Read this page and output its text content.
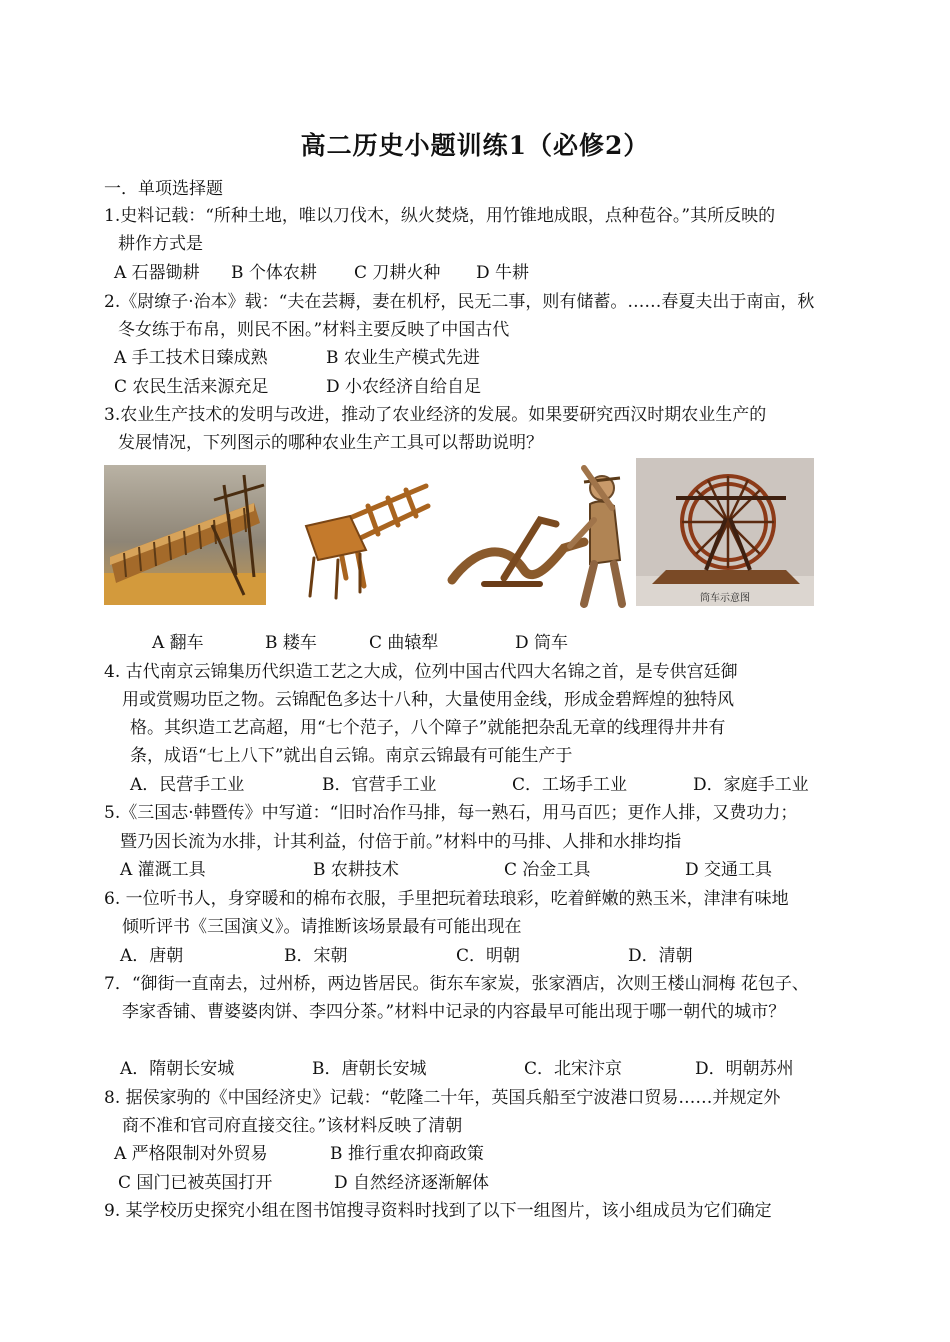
高二历史小题训练1（必修2）
一．单项选择题
1.史料记载：“所种土地，唯以刀伐木，纵火焚烧，用竹锥地成眼，点种苞谷。”其所反映的
耕作方式是
A 石器锄耕 B 个体农耕 C 刀耕火种 D 牛耕
2.《尉缭子·治本》载：“夫在芸耨，妻在机杼，民无二事，则有储蓄。……春夏夫出于南亩，秋
冬女练于布帛，则民不困。”材料主要反映了中国古代
A 手工技术日臻成熟	B 农业生产模式先进
C 农民生活来源充足	D 小农经济自给自足
3.农业生产技术的发明与改进，推动了农业经济的发展。如果要研究西汉时期农业生产的
发展情况，下列图示的哪种农业生产工具可以帮助说明？
筒车示意图
A 翻车	B 耧车	C 曲辕犁	D 筒车
4. 古代南京云锦集历代织造工艺之大成，位列中国古代四大名锦之首，是专供宫廷御
用或赏赐功臣之物。云锦配色多达十八种，大量使用金线，形成金碧辉煌的独特风
格。其织造工艺高超，用“七个范子，八个障子”就能把杂乱无章的线理得井井有
条，成语“七上八下”就出自云锦。南京云锦最有可能生产于
A．民营手工业	B．官营手工业	C．工场手工业	D．家庭手工业
5.《三国志·韩暨传》中写道：“旧时冶作马排，每一熟石，用马百匹；更作人排，又费功力；
暨乃因长流为水排，计其利益，付倍于前。”材料中的马排、人排和水排均指
A 灌溉工具	B 农耕技术	C 冶金工具	D 交通工具
6. 一位听书人，身穿暖和的棉布衣服，手里把玩着珐琅彩，吃着鲜嫩的熟玉米，津津有味地
倾听评书《三国演义》。请推断该场景最有可能出现在
A．唐朝	B．宋朝	C．明朝	D．清朝
7．“御街一直南去，过州桥，两边皆居民。街东车家炭，张家酒店，次则王楼山洞梅 花包子、
李家香铺、曹婆婆肉饼、李四分茶。”材料中记录的内容最早可能出现于哪一朝代的城市？
A．隋朝长安城	B．唐朝长安城	C．北宋汴京	D．明朝苏州
8. 据侯家驹的《中国经济史》记载：“乾隆二十年，英国兵船至宁波港口贸易……并规定外
商不准和官司府直接交往。”该材料反映了清朝
A 严格限制对外贸易	B 推行重农抑商政策
C 国门已被英国打开	D 自然经济逐渐解体
9. 某学校历史探究小组在图书馆搜寻资料时找到了以下一组图片，该小组成员为它们确定
